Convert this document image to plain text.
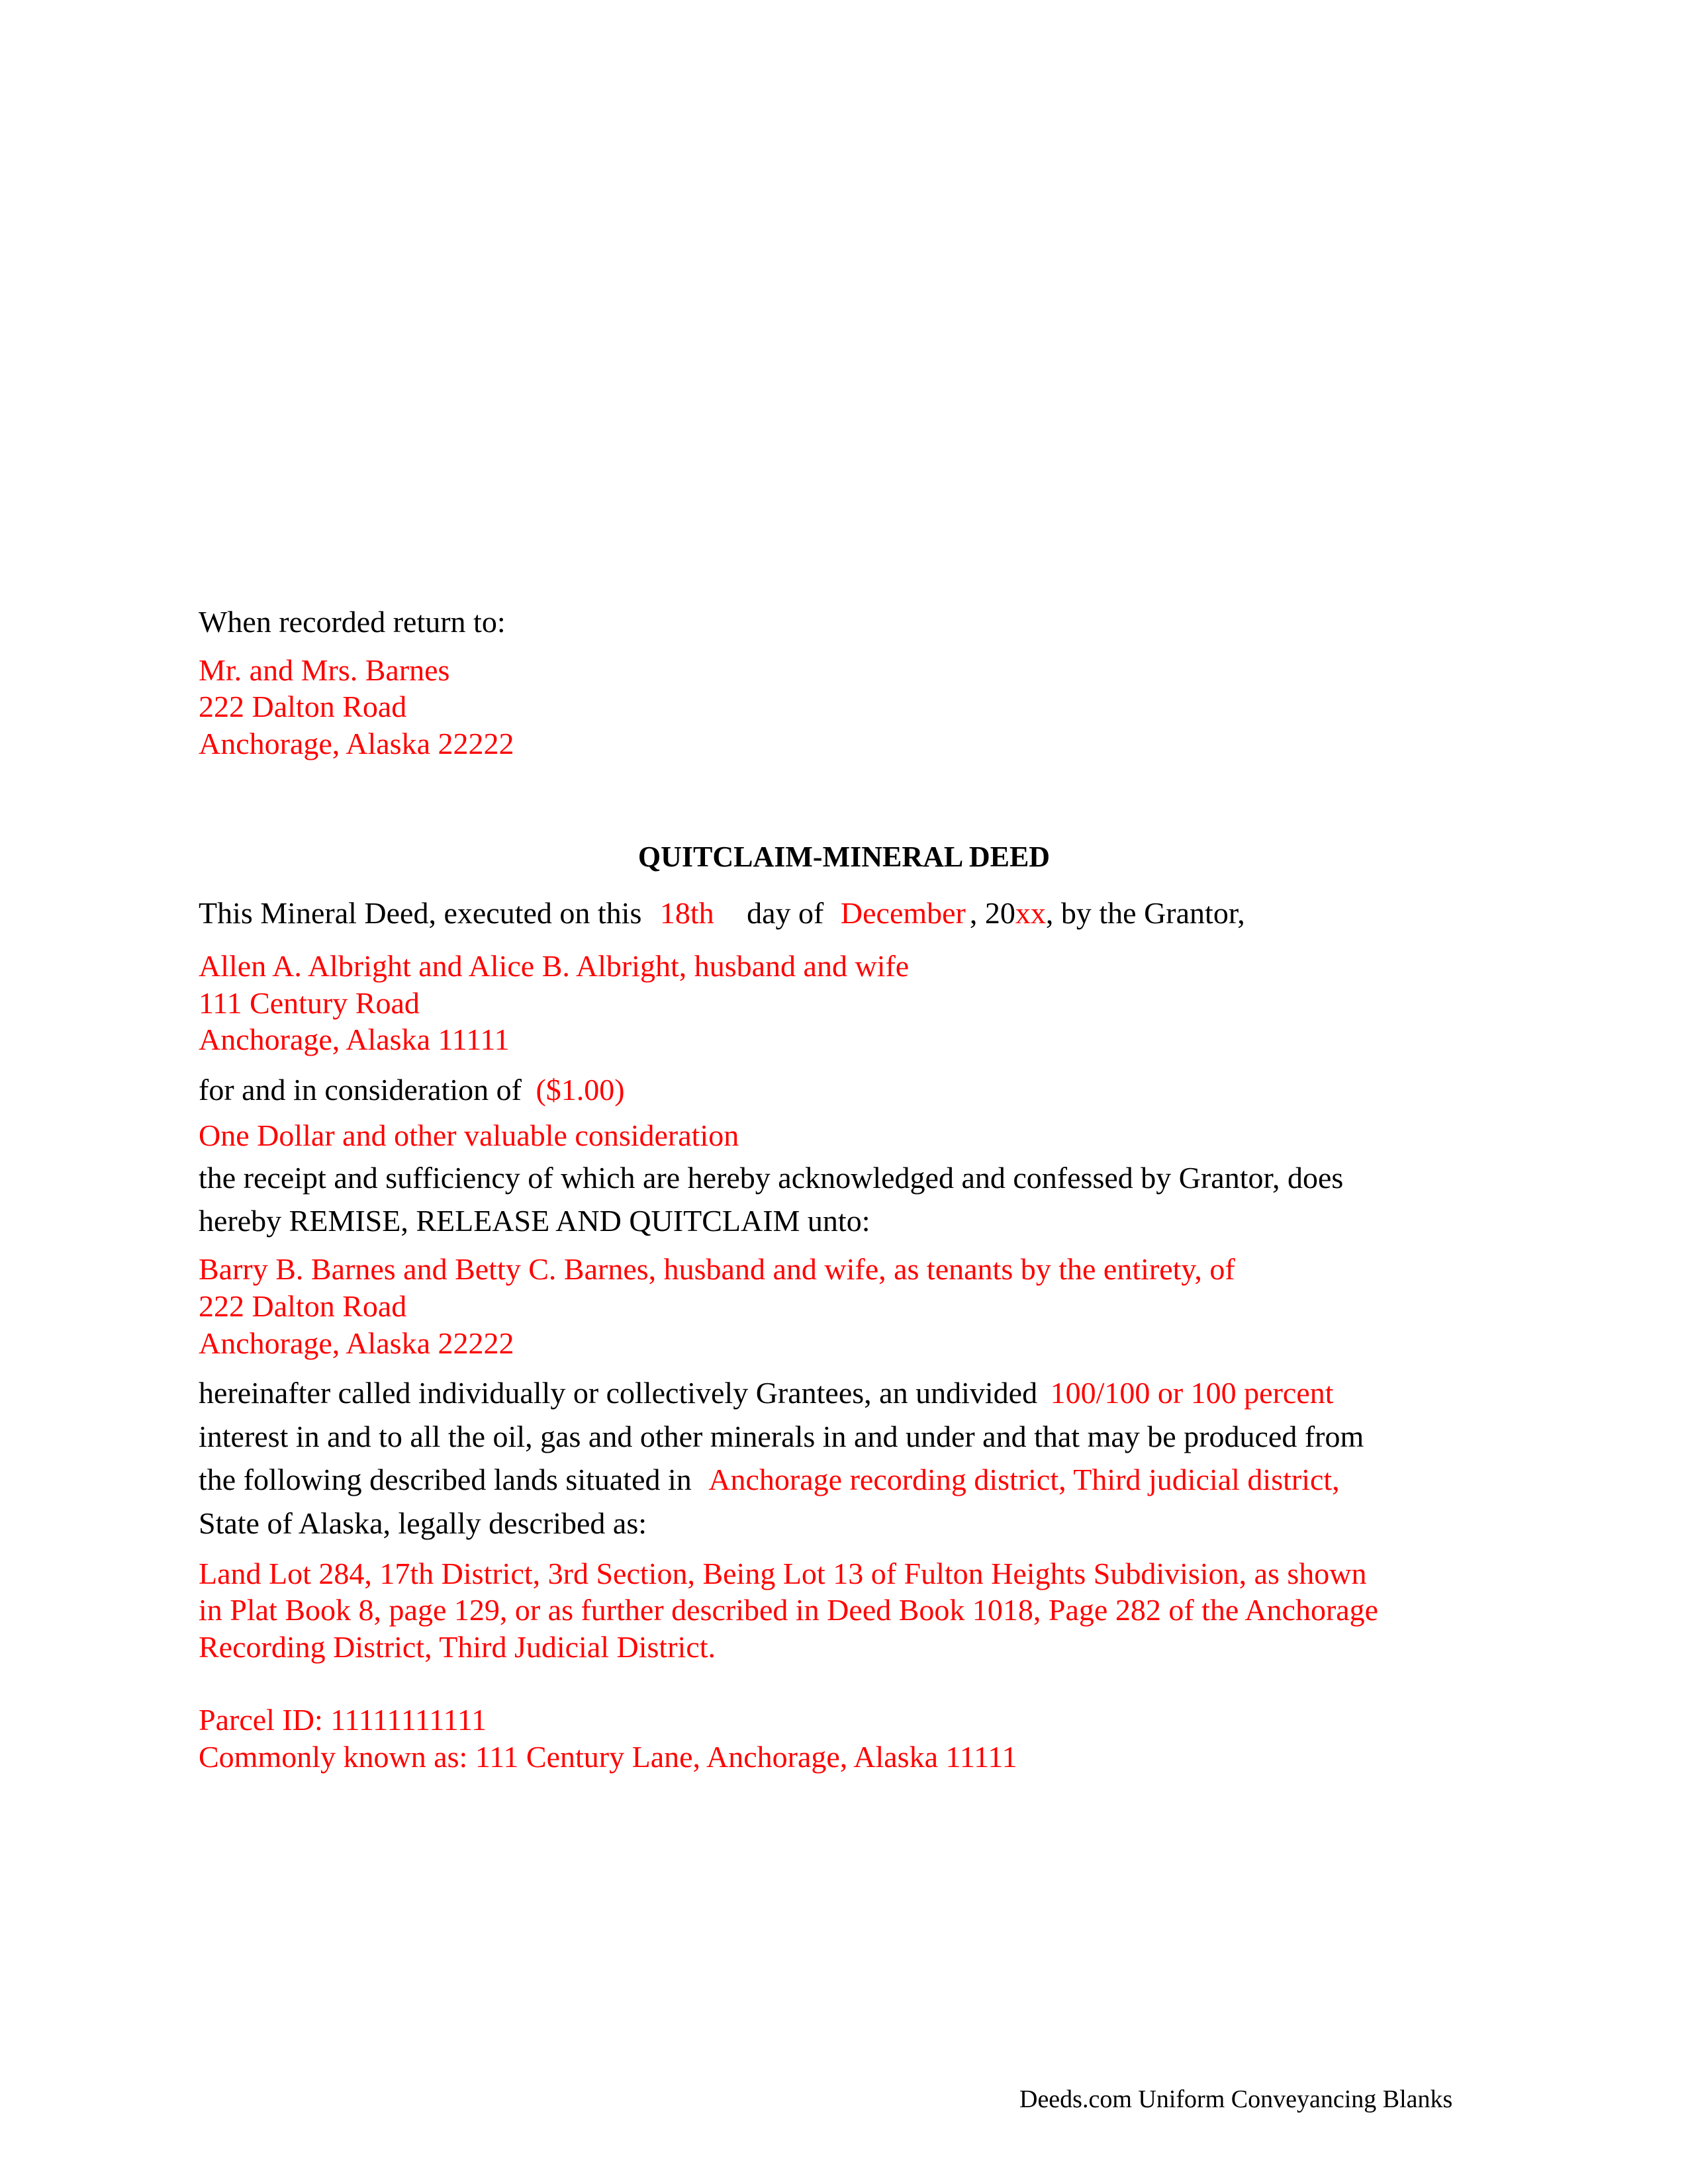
When recorded return to:
Mr. and Mrs. Barnes
222 Dalton Road
Anchorage, Alaska 22222
QUITCLAIM-MINERAL DEED
This Mineral Deed, executed on this 18th day of December , 20xx, by the Grantor,
Allen A. Albright and Alice B. Albright, husband and wife
111 Century Road
Anchorage, Alaska 11111
for and in consideration of ($1.00)
One Dollar and other valuable consideration
the receipt and sufficiency of which are hereby acknowledged and confessed by Grantor, does
hereby REMISE, RELEASE AND QUITCLAIM unto:
Barry B. Barnes and Betty C. Barnes, husband and wife, as tenants by the entirety, of
222 Dalton Road
Anchorage, Alaska 22222
hereinafter called individually or collectively Grantees, an undivided 100/100 or 100 percent
interest in and to all the oil, gas and other minerals in and under and that may be produced from
the following described lands situated in Anchorage recording district, Third judicial district,
State of Alaska, legally described as:
Land Lot 284, 17th District, 3rd Section, Being Lot 13 of Fulton Heights Subdivision, as shown
in Plat Book 8, page 129, or as further described in Deed Book 1018, Page 282 of the Anchorage
Recording District, Third Judicial District.
Parcel ID: 11111111111
Commonly known as: 111 Century Lane, Anchorage, Alaska 11111
Deeds.com Uniform Conveyancing Blanks
